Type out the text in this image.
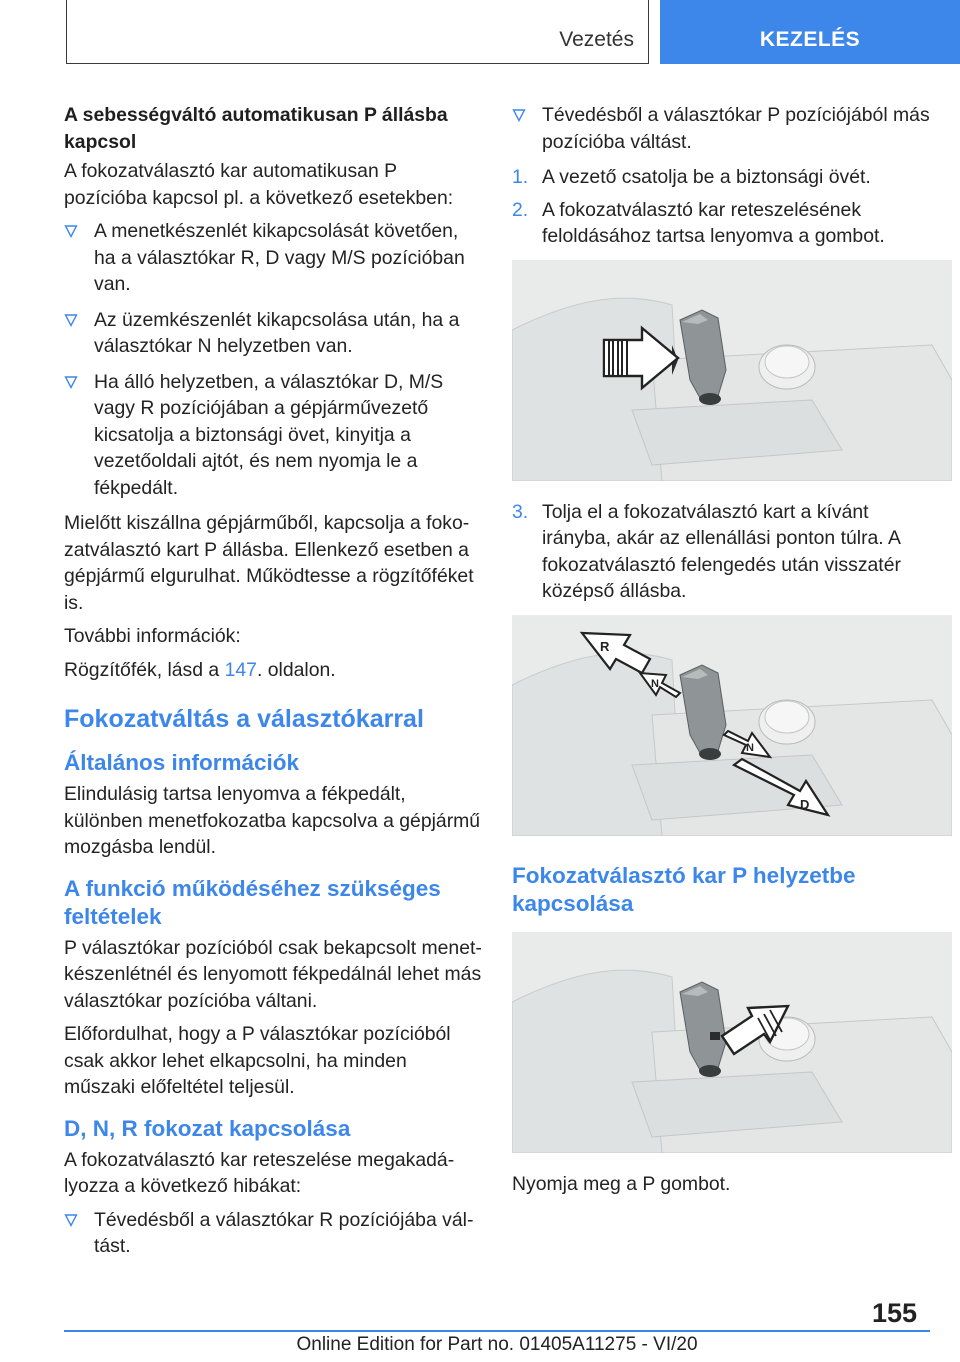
Vezetés	KEZELÉS
A sebességváltó automatikusan P állásba kapcsol

A fokozatválasztó kar automatikusan P pozícióba kapcsol pl. a következő esetekben:

A menetkészenlét kikapcsolását követően, ha a választókar R, D vagy M/S pozícióban van.
Az üzemkészenlét kikapcsolása után, ha a választókar N helyzetben van.
Ha álló helyzetben, a választókar D, M/S vagy R pozíciójában a gépjárművezető kicsatolja a biztonsági övet, kinyitja a vezetőoldali ajtót, és nem nyomja le a fékpedált.

Mielőtt kiszállna gépjárműből, kapcsolja a fokozatválasztó kart P állásba. Ellenkező esetben a gépjármű elgurulhat. Működtesse a rögzítőféket is.

További információk:

Rögzítőfék, lásd a 147. oldalon.

Fokozatváltás a választókarral
Általános információk

Elindulásig tartsa lenyomva a fékpedált, különben menetfokozatba kapcsolva a gépjármű mozgásba lendül.

A funkció működéséhez szükséges feltételek

P választókar pozícióból csak bekapcsolt menetkészenlétnél és lenyomott fékpedálnál lehet más választókar pozícióba váltani.

Előfordulhat, hogy a P választókar pozícióból csak akkor lehet elkapcsolni, ha minden műszaki előfeltétel teljesül.

D, N, R fokozat kapcsolása

A fokozatválasztó kar reteszelése megakadályozza a következő hibákat:

Tévedésből a választókar R pozíciójába váltást.
Tévedésből a választókar P pozíciójából más pozícióba váltást.
1. A vezető csatolja be a biztonsági övét.
2. A fokozatválasztó kar reteszelésének feloldásához tartsa lenyomva a gombot.
3. Tolja el a fokozatválasztó kart a kívánt irányba, akár az ellenállási ponton túlra. A fokozatválasztó felengedés után visszatér középső állásba.
R
N
N
D
Fokozatválasztó kar P helyzetbe kapcsolása

Nyomja meg a P gombot.

155
Online Edition for Part no. 01405A11275 - VI/20
